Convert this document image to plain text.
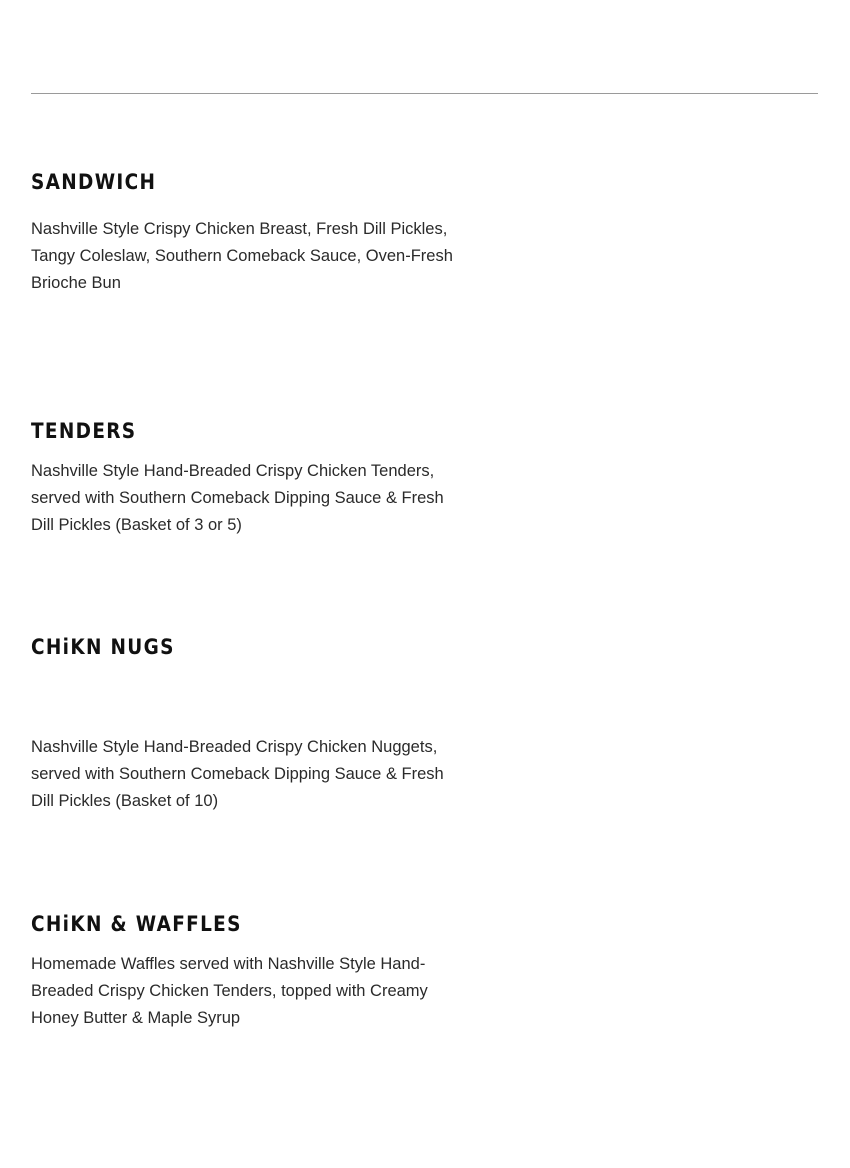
SANDWICH

Nashville Style Crispy Chicken Breast, Fresh Dill Pickles, Tangy Coleslaw, Southern Comeback Sauce, Oven-Fresh Brioche Bun

TENDERS

Nashville Style Hand-Breaded Crispy Chicken Tenders, served with Southern Comeback Dipping Sauce & Fresh Dill Pickles (Basket of 3 or 5)

CHiKN NUGS

Nashville Style Hand-Breaded Crispy Chicken Nuggets, served with Southern Comeback Dipping Sauce & Fresh Dill Pickles (Basket of 10)

CHiKN & WAFFLES

Homemade Waffles served with Nashville Style Hand-Breaded Crispy Chicken Tenders, topped with Creamy Honey Butter & Maple Syrup
